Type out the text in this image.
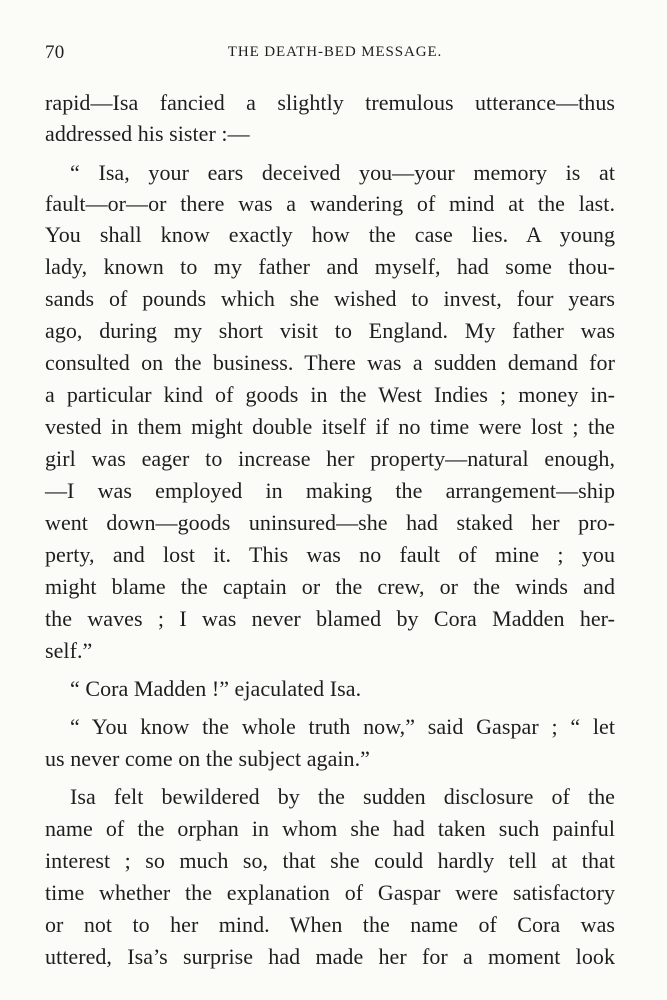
70	THE DEATH-BED MESSAGE.
rapid—Isa fancied a slightly tremulous utterance—thus
addressed his sister :—
“ Isa, your ears deceived you—your memory is at
fault—or—or there was a wandering of mind at the last.
You shall know exactly how the case lies. A young
lady, known to my father and myself, had some thou-
sands of pounds which she wished to invest, four years
ago, during my short visit to England. My father was
consulted on the business. There was a sudden demand for
a particular kind of goods in the West Indies ; money in-
vested in them might double itself if no time were lost ; the
girl was eager to increase her property—natural enough,
—I was employed in making the arrangement—ship
went down—goods uninsured—she had staked her pro-
perty, and lost it. This was no fault of mine ; you
might blame the captain or the crew, or the winds and
the waves ; I was never blamed by Cora Madden her-
self.”
“ Cora Madden !” ejaculated Isa.
“ You know the whole truth now,” said Gaspar ; “ let
us never come on the subject again.”
Isa felt bewildered by the sudden disclosure of the
name of the orphan in whom she had taken such painful
interest ; so much so, that she could hardly tell at that
time whether the explanation of Gaspar were satisfactory
or not to her mind. When the name of Cora was
uttered, Isa’s surprise had made her for a moment look
